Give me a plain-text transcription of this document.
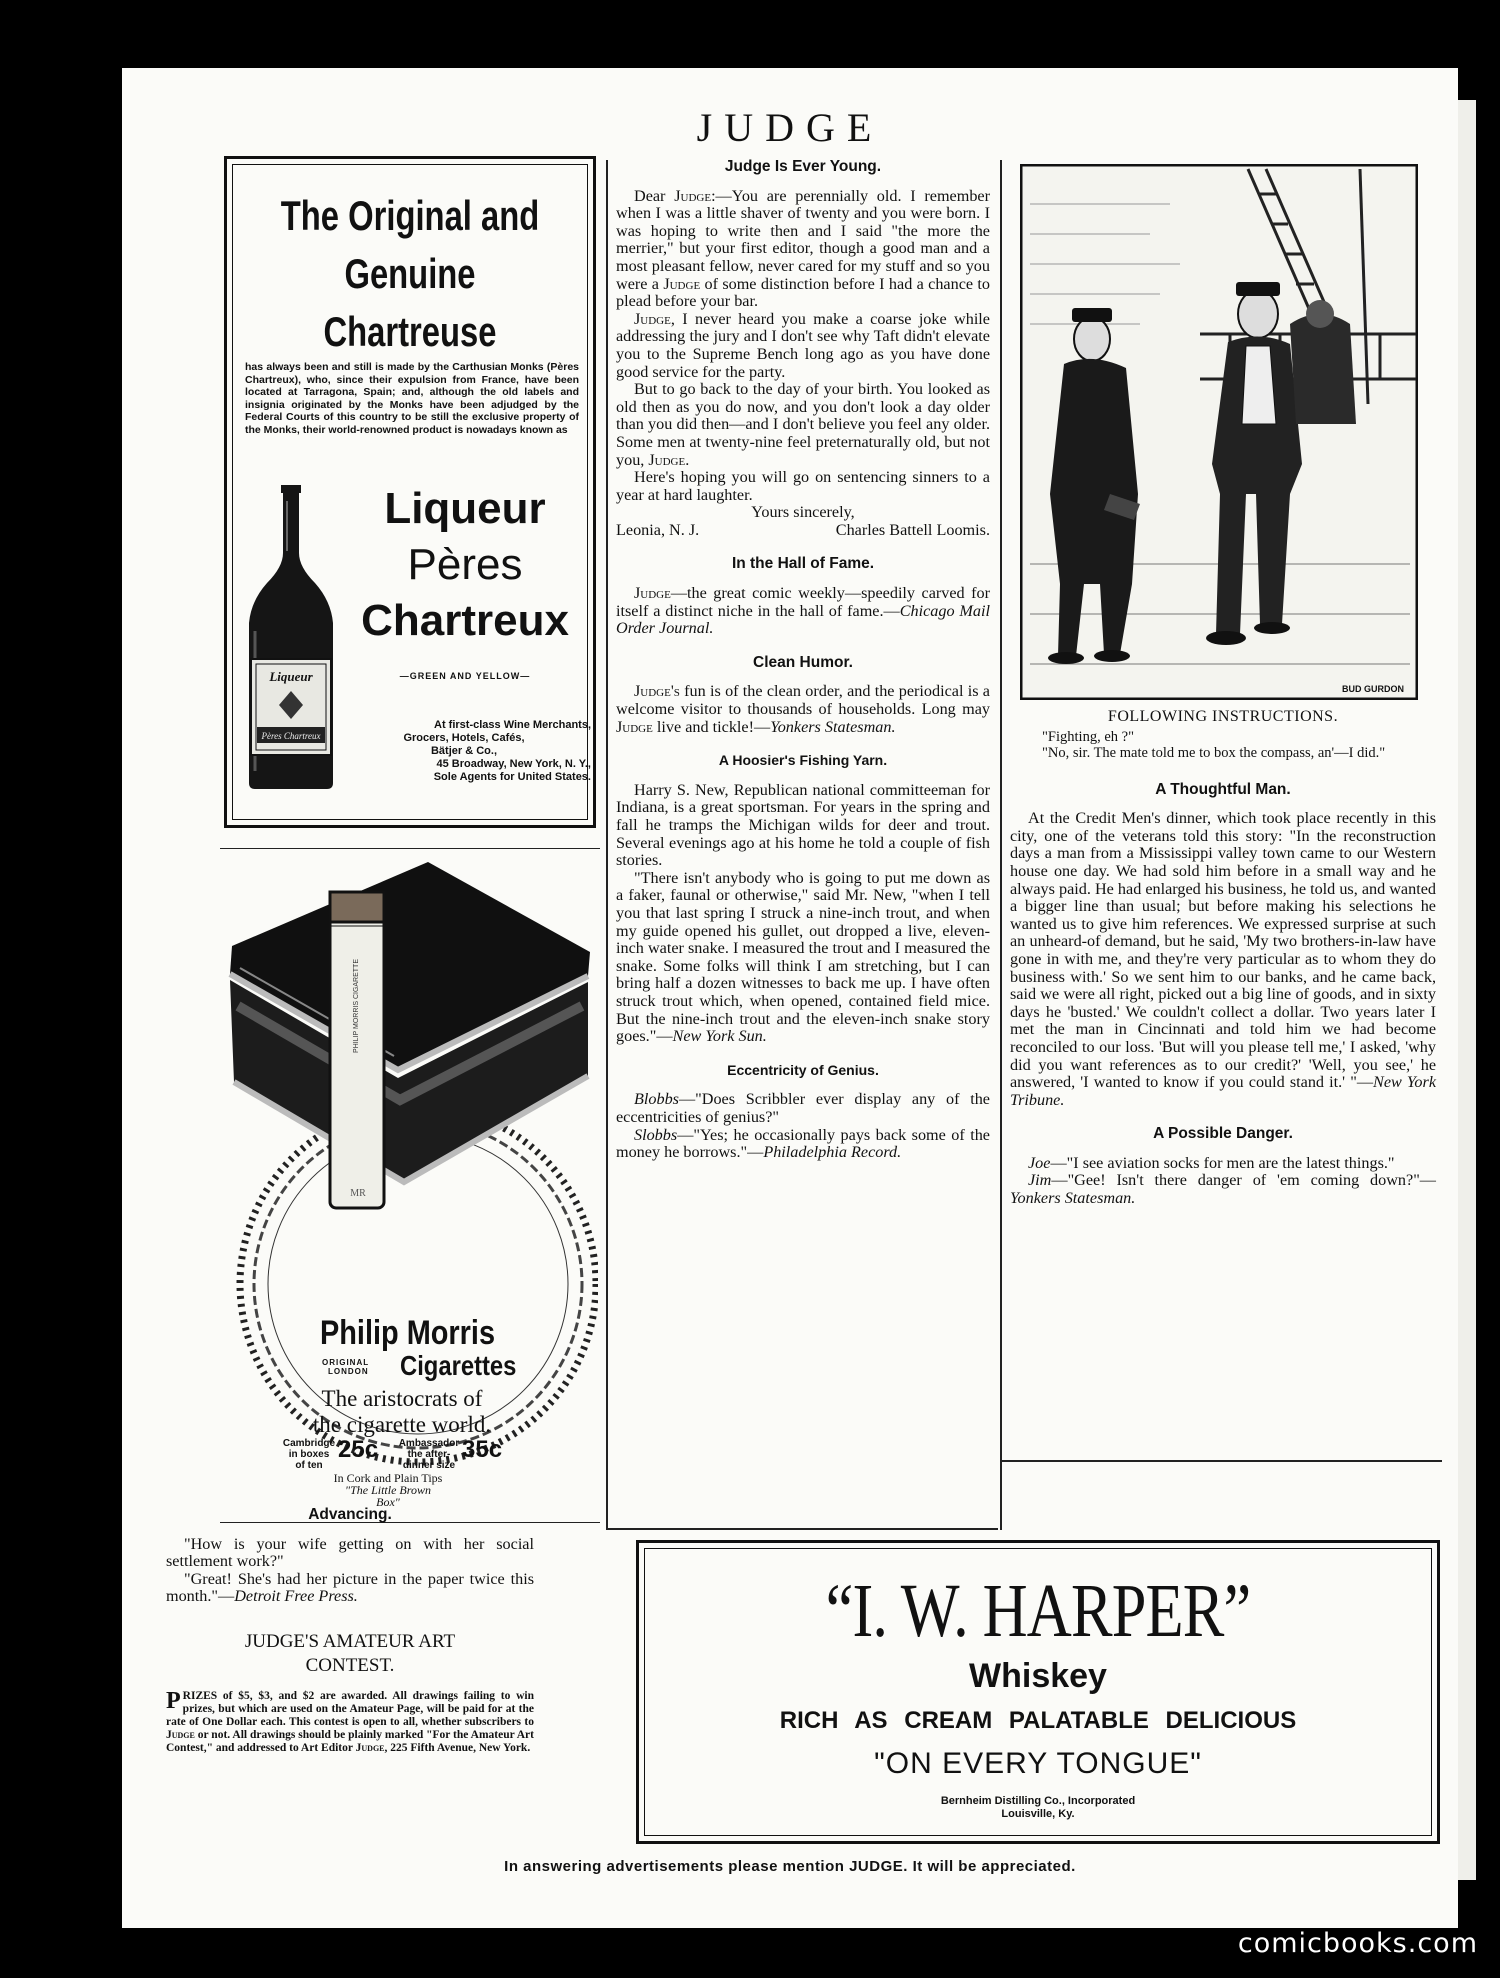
JUDGE
The Original and
Genuine Chartreuse
has always been and still is made by the Carthusian Monks (Pères Chartreux), who, since their expulsion from France, have been located at Tarragona, Spain; and, although the old labels and insignia originated by the Monks have been adjudged by the Federal Courts of this country to be still the exclusive property of the Monks, their world-renowned product is nowadays known as
Liqueur
Pères Chartreux
Liqueur
Pères
Chartreux
—GREEN AND YELLOW—
At first-class Wine Merchants,
Grocers, Hotels, Cafés,
Bätjer & Co.,
45 Broadway, New York, N. Y.,
Sole Agents for United States.
PHILIP MORRIS CIGARETTE
MR
Philip Morris
ORIGINAL
LONDON Cigarettes
The aristocrats of
the cigarette world.
Cambridge
in boxes
of ten
25c Ambassador
the after-
dinner size
35c
In Cork and Plain Tips
"The Little Brown
Box"

Advancing.

"How is your wife getting on with her social settlement work?"

"Great! She's had her picture in the paper twice this month."—Detroit Free Press.

JUDGE'S AMATEUR ART
CONTEST.
PRIZES of $5, $3, and $2 are awarded. All drawings failing to win prizes, but which are used on the Amateur Page, will be paid for at the rate of One Dollar each. This contest is open to all, whether subscribers to Judge or not. All drawings should be plainly marked "For the Amateur Art Contest," and addressed to Art Editor Judge, 225 Fifth Avenue, New York.

Judge Is Ever Young.

Dear Judge:—You are perennially old. I remember when I was a little shaver of twenty and you were born. I was hoping to write then and I said "the more the merrier," but your first editor, though a good man and a most pleasant fellow, never cared for my stuff and so you were a Judge of some distinction before I had a chance to plead before your bar.

Judge, I never heard you make a coarse joke while addressing the jury and I don't see why Taft didn't elevate you to the Supreme Bench long ago as you have done good service for the party.

But to go back to the day of your birth. You looked as old then as you do now, and you don't look a day older than you did then—and I don't believe you feel any older. Some men at twenty-nine feel preternaturally old, but not you, Judge.

Here's hoping you will go on sentencing sinners to a year at hard laughter.

Yours sincerely,
Leonia, N. J.	Charles Battell Loomis.

In the Hall of Fame.

Judge—the great comic weekly—speedily carved for itself a distinct niche in the hall of fame.—Chicago Mail Order Journal.

Clean Humor.

Judge's fun is of the clean order, and the periodical is a welcome visitor to thousands of households. Long may Judge live and tickle!—Yonkers Statesman.

A Hoosier's Fishing Yarn.

Harry S. New, Republican national committeeman for Indiana, is a great sportsman. For years in the spring and fall he tramps the Michigan wilds for deer and trout. Several evenings ago at his home he told a couple of fish stories.

"There isn't anybody who is going to put me down as a faker, faunal or otherwise," said Mr. New, "when I tell you that last spring I struck a nine-inch trout, and when my guide opened his gullet, out dropped a live, eleven-inch water snake. I measured the trout and I measured the snake. Some folks will think I am stretching, but I can bring half a dozen witnesses to back me up. I have often struck trout which, when opened, contained field mice. But the nine-inch trout and the eleven-inch snake story goes."—New York Sun.

Eccentricity of Genius.

Blobbs—"Does Scribbler ever display any of the eccentricities of genius?"

Slobbs—"Yes; he occasionally pays back some of the money he borrows."—Philadelphia Record.

BUD GURDON
FOLLOWING INSTRUCTIONS.
"Fighting, eh ?"
"No, sir. The mate told me to box the compass, an'—I did."

A Thoughtful Man.

At the Credit Men's dinner, which took place recently in this city, one of the veterans told this story: "In the reconstruction days a man from a Mississippi valley town came to our Western house one day. We had sold him before in a small way and he always paid. He had enlarged his business, he told us, and wanted a bigger line than usual; but before making his selections he wanted us to give him references. We expressed surprise at such an unheard-of demand, but he said, 'My two brothers-in-law have gone in with me, and they're very particular as to whom they do business with.' So we sent him to our banks, and he came back, said we were all right, picked out a big line of goods, and in sixty days he 'busted.' We couldn't collect a dollar. Two years later I met the man in Cincinnati and told him we had become reconciled to our loss. 'But will you please tell me,' I asked, 'why did you want references as to our credit?' 'Well, you see,' he answered, 'I wanted to know if you could stand it.' "—New York Tribune.

A Possible Danger.

Joe—"I see aviation socks for men are the latest things."

Jim—"Gee! Isn't there danger of 'em coming down?"—Yonkers Statesman.

“I. W. HARPER”
Whiskey
RICH AS CREAM PALATABLE DELICIOUS
"ON EVERY TONGUE"
Bernheim Distilling Co., Incorporated
Louisville, Ky.
In answering advertisements please mention JUDGE. It will be appreciated.
comicbooks.com
